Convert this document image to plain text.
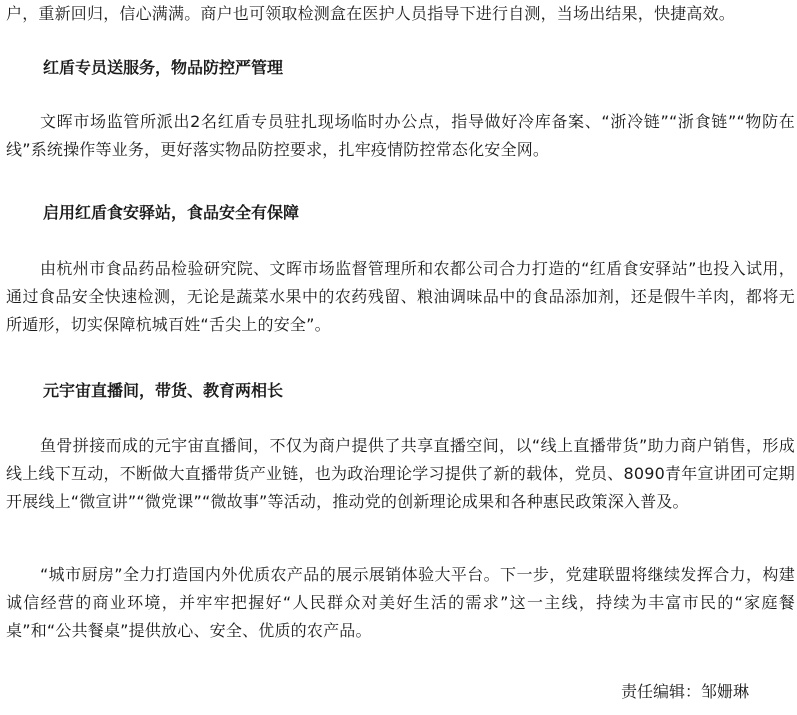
户，重新回归，信心满满。商户也可领取检测盒在医护人员指导下进行自测，当场出结果，快捷高效。

红盾专员送服务，物品防控严管理

文晖市场监管所派出2名红盾专员驻扎现场临时办公点，指导做好冷库备案、“浙冷链”“浙食链”“物防在线”系统操作等业务，更好落实物品防控要求，扎牢疫情防控常态化安全网。

启用红盾食安驿站，食品安全有保障

由杭州市食品药品检验研究院、文晖市场监督管理所和农都公司合力打造的“红盾食安驿站”也投入试用，通过食品安全快速检测，无论是蔬菜水果中的农药残留、粮油调味品中的食品添加剂，还是假牛羊肉，都将无所遁形，切实保障杭城百姓“舌尖上的安全”。

元宇宙直播间，带货、教育两相长

鱼骨拼接而成的元宇宙直播间，不仅为商户提供了共享直播空间，以“线上直播带货”助力商户销售，形成线上线下互动，不断做大直播带货产业链，也为政治理论学习提供了新的载体，党员、8090青年宣讲团可定期开展线上“微宣讲”“微党课”“微故事”等活动，推动党的创新理论成果和各种惠民政策深入普及。

“城市厨房”全力打造国内外优质农产品的展示展销体验大平台。下一步，党建联盟将继续发挥合力，构建诚信经营的商业环境，并牢牢把握好“人民群众对美好生活的需求”这一主线，持续为丰富市民的“家庭餐桌”和“公共餐桌”提供放心、安全、优质的农产品。

责任编辑：邹姗琳
